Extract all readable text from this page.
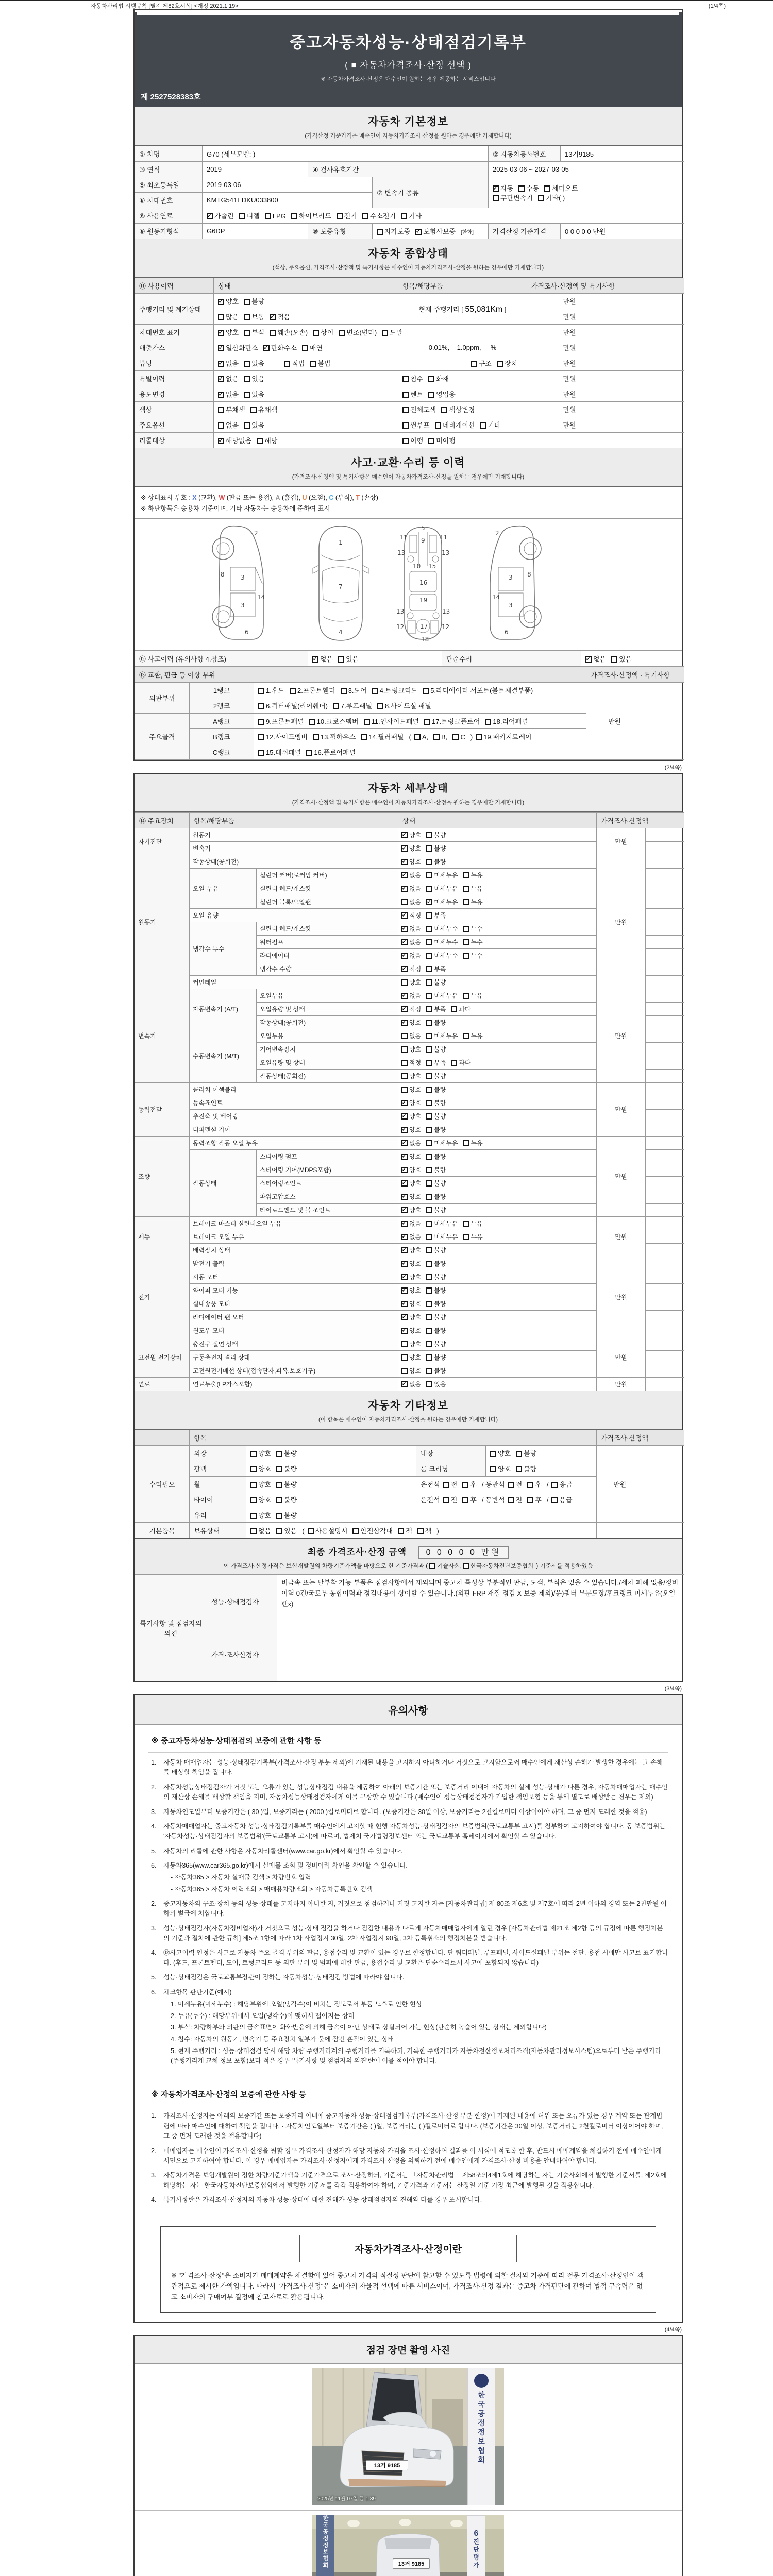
자동차관리법 시행규칙 [별지 제82호서식] <개정 2021.1.19>	(1/4쪽)
중고자동차성능·상태점검기록부
( ■ 자동차가격조사·산정 선택 )
※ 자동차가격조사·산정은 매수인이 원하는 경우 제공하는 서비스입니다
제 2527528383호
자동차 기본정보
(가격산정 기준가격은 매수인이 자동차가격조사·산정을 원하는 경우에만 기재합니다)
① 차명	G70 (세부모델: )			② 자동차등록번호	13거9185
③ 연식	2019	④ 검사유효기간		2025-03-06 ~ 2027-03-05	
⑤ 최초등록일	2019-03-06		⑦ 변속기 종류	
✓자동 수동 세미오토
무단변속기 기타( )

⑥ 차대번호	KMTG541EDKU033800				
⑧ 사용연료	✓가솔린 디젤 LPG 하이브리드 전기 수소전기 기타
⑨ 원동기형식	G6DP	⑩ 보증유형	자가보증 ✓ 보험사보증 [한화]	가격산정 기준가격	0 0 0 0 0 만원
자동차 종합상태
(색상, 주요옵션, 가격조사·산정액 및 특기사항은 매수인이 자동차가격조사·산정을 원하는 경우에만 기재합니다)
⑪ 사용이력	상태	항목/해당부품	가격조사·산정액 및 특기사항	
주행거리 및 계기상태	✓양호 불량	현재 주행거리 [ 55,081Km ]	만원	
	많음 보통 ✓ 적음		만원	
차대번호 표기	✓양호 부식 훼손(오손) 상이 변조(변타) 도말		만원	
배출가스	✓일산화탄소 ✓ 탄화수소 매연	0.01%, 1.0ppm, %	만원	
튜닝	✓없음 있음 적법 불법	구조 장치	만원	
특별이력	✓없음 있음	침수 화재	만원	
용도변경	✓없음 있음	렌트 영업용	만원	
색상	무채색 유채색	전체도색 색상변경	만원	
주요옵션	없음 있음	썬루프 네비게이션 기타	만원	
리콜대상	✓해당없음 해당	이행 미이행		
사고·교환·수리 등 이력
(가격조사·산정액 및 특기사항은 매수인이 자동차가격조사·산정을 원하는 경우에만 기재합니다)
※ 상태표시 부호 : X (교환), W (판금 또는 용접), A (흠집), U (요철), C (부식), T (손상)
※ 하단항목은 승용차 기준이며, 기타 자동차는 승용차에 준하여 표시
2
8	3
3
14
6
1
7
4
5
9
11	11
13	13
10 15
16
13	13
19
12	12
17
18
2
8
3
3
14
6
⑫ 사고이력 (유의사항 4.참조)	✓없음 있음	단순수리	✓없음 있음
⑬ 교환, 판금 등 이상 부위			가격조사·산정액 · 특기사항	
외판부위	1랭크	1.후드 2.프론트휀더 3.도어 4.트렁크리드 5.라디에이터 서포트(볼트체결부품)	만원	
	2랭크	6.쿼터패널(리어휀더) 7.루프패널 8.사이드실 패널		
주요골격	A랭크	9.프론트패널 10.크로스멤버 11.인사이드패널 17.트렁크플로어 18.리어패널		
	B랭크	12.사이드멤버 13.휠하우스 14.필러패널 ( A, B, C ) 19.패키지트레이		
	C랭크	15.대쉬패널 16.플로어패널		
(2/4쪽)
자동차 세부상태
(가격조사·산정액 및 특기사항은 매수인이 자동차가격조사·산정을 원하는 경우에만 기재합니다)
⑭ 주요장치	항목/해당부품		상태	가격조사·산정액	
자기진단	원동기	✓양호 불량	만원	
	변속기	✓양호 불량	
원동기	작동상태(공회전)	✓양호 불량	만원	
	오일 누유	실린더 커버(로커암 커버)	✓없음 미세누유 누유	
		실린더 헤드/개스킷	✓없음 미세누유 누유	
		실린더 블록/오일팬	없음 ✓ 미세누유 누유	
	오일 유량	✓적정 부족	
	냉각수 누수	실린더 헤드/개스킷	✓없음 미세누수 누수	
		워터펌프	✓없음 미세누수 누수	
		라디에이터	✓없음 미세누수 누수	
		냉각수 수량	✓적정 부족	
	커먼레일		양호 불량		
변속기	자동변속기 (A/T)	오일누유	✓없음 미세누유 누유	만원	
		오일유량 및 상태	✓적정 부족 과다	
		작동상태(공회전)	✓양호 불량	
	수동변속기 (M/T)	오일누유	없음 미세누유 누유		
		기어변속장치	양호 불량		
		오일유량 및 상태	적정 부족 과다		
		작동상태(공회전)	양호 불량		
동력전달	클러치 어셈블리		양호 불량	만원	
	등속죠인트	✓양호 불량	
	추진축 및 베어링	✓양호 불량	
	디퍼렌셜 기어	✓양호 불량	
조향	동력조향 작동 오일 누유	✓없음 미세누유 누유	만원	
	작동상태	스티어링 펌프	✓양호 불량	
		스티어링 기어(MDPS포함)	✓양호 불량	
		스티어링조인트	✓양호 불량	
		파워고압호스	✓양호 불량	
		타이로드엔드 및 볼 조인트	✓양호 불량	
제동	브레이크 마스터 실린더오일 누유	✓없음 미세누유 누유	만원	
	브레이크 오일 누유	✓없음 미세누유 누유	
	배력장치 상태	✓양호 불량	
전기	발전기 출력	✓양호 불량	만원	
	시동 모터	✓양호 불량	
	와이퍼 모터 기능	✓양호 불량	
	실내송풍 모터	✓양호 불량	
	라디에이터 팬 모터	✓양호 불량	
	윈도우 모터	✓양호 불량	
고전원 전기장치	충전구 절연 상태		양호 불량	만원	
	구동축전지 격리 상태		양호 불량		
	고전원전기배선 상태(접속단자,피복,보호기구)		양호 불량		
연료	연료누출(LP가스포함)	✓없음 있음	만원	
자동차 기타정보
(이 항목은 매수인이 자동차가격조사·산정을 원하는 경우에만 기재합니다)
	항목				가격조사·산정액	
수리필요	외장	양호 불량	내장	양호 불량	만원	
	광택	양호 불량	룸 크리닝	양호 불량		
	휠	양호 불량	운전석 전 후 / 동반석 전 후 / 응급			
	타이어	양호 불량	운전석 전 후 / 동반석 전 후 / 응급			
	유리	양호 불량				
기본품목	보유상태	없음 있음 ( 사용설명서 안전삼각대 잭 잭 )				
최종 가격조사·산정 금액 0 0 0 0 0 만원
이 가격조사·산정가격은 보험개발원의 차량기준가액을 바탕으로 한 기준가격과 ( 기술사회, 한국자동차진단보증협회 ) 기준서를 적용하였음
특기사항 및 점검자의 의견	성능·상태점검자	비금속 또는 탈부착 가능 부품은 점검사항에서 제외되며 중고차 특성상 부분적인 판금, 도색, 부식은 있을 수 있습니다./세차 피해 없음/정비이력 0건/국토부 통합이력과 점검내용이 상이할 수 있습니다.(외판 FRP 재질 점검 X 보증 제외)/운)쿼터 부분도장/후크랭크 미세누유(오일팬x)
	가격·조사산정자	
(3/4쪽)
유의사항
※ 중고자동차성능·상태점검의 보증에 관한 사항 등
1. 자동차 매매업자는 성능·상태점검기록부(가격조사·산정 부분 제외)에 기재된 내용을 고지하지 아니하거나 거짓으로 고지함으로써 매수인에게 재산상 손해가 발생한 경우에는 그 손해를 배상할 책임을 집니다.
2. 자동차성능상태점검자가 거짓 또는 오류가 있는 성능상태점검 내용을 제공하여 아래의 보증기간 또는 보증거리 이내에 자동차의 실제 성능·상태가 다른 경우, 자동차매매업자는 매수인의 재산상 손해를 배상할 책임을 지며, 자동차성능상태점검자에게 이를 구상할 수 있습니다.(매수인이 성능상태점검자가 가입한 책임보험 등을 통해 별도로 배상받는 경우는 제외)
3. 자동차인도일부터 보증기간은 ( 30 )일, 보증거리는 ( 2000 )킬로미터로 합니다. (보증기간은 30일 이상, 보증거리는 2천킬로미터 이상이어야 하며, 그 중 먼저 도래한 것을 적용)
4. 자동차매매업자는 중고자동차 성능·상태점검기록부를 매수인에게 고지할 때 현행 자동차성능·상태점검자의 보증범위(국토교통부 고시)를 첨부하여 고지하여야 합니다. 동 보증범위는 '자동차성능·상태점검자의 보증범위'(국토교통부 고시)에 따르며, 법제처 국가법령정보센터 또는 국토교통부 홈페이지에서 확인할 수 있습니다.
5. 자동차의 리콜에 관한 사항은 자동차리콜센터(www.car.go.kr)에서 확인할 수 있습니다.
6. 자동차365(www.car365.go.kr)에서 실매물 조회 및 정비이력 확인을 확인할 수 있습니다.
- 자동차365 > 자동차 실매물 검색 > 차량번호 입력
- 자동차365 > 자동차 이력조회 > 매매용차량조회 > 자동차등록번호 검색
2. 중고자동차의 구조·장치 등의 성능·상태를 고지하지 아니한 자, 거짓으로 점검하거나 거짓 고지한 자는 [자동차관리법] 제 80조 제6호 및 제7호에 따라 2년 이하의 징역 또는 2천만원 이하의 벌금에 처합니다.
3. 성능·상태점검자(자동차정비업자)가 거짓으로 성능·상태 점검을 하거나 점검한 내용과 다르게 자동차매매업자에게 알린 경우 [자동차관리법 제21조 제2항 등의 규정에 따른 행정처분의 기준과 절차에 관한 규칙] 제5조 1항에 따라 1차 사업정지 30일, 2차 사업정지 90일, 3차 등록취소의 행정처분을 받습니다.
4. ⑫사고이력 인정은 사고로 자동차 주요 골격 부위의 판금, 용접수리 및 교환이 있는 경우로 한정합니다. 단 쿼터패널, 루프패널, 사이드실패널 부위는 절단, 용접 시에만 사고로 표기합니다. (후드, 프론트펜더, 도어, 트렁크리드 등 외판 부위 및 범퍼에 대한 판금, 용접수리 및 교환은 단순수리로서 사고에 포함되지 않습니다)
5. 성능·상태점검은 국토교통부장관이 정하는 자동차성능·상태점검 방법에 따라야 합니다.
6. 체크항목 판단기준(예시)
1. 미세누유(미세누수) : 해당부위에 오일(냉각수)이 비치는 정도로서 부품 노후로 인한 현상
2. 누유(누수) : 해당부위에서 오일(냉각수)이 맺혀서 떨어지는 상태
3. 부식: 차량하부와 외판의 금속표면이 화학반응에 의해 금속이 아닌 상태로 상실되어 가는 현상(단순히 녹슬어 있는 상태는 제외합니다)
4. 침수: 자동차의 원동기, 변속기 등 주요장치 일부가 물에 잠긴 흔적이 있는 상태
5. 현재 주행거리 : 성능·상태점검 당시 해당 차량 주행거리계의 주행거리를 기록하되, 기록한 주행거리가 자동차전산정보처리조직(자동차관리정보시스템)으로부터 받은 주행거리(주행거리계 교체 정보 포함)보다 적은 경우 '특기사항 및 점검자의 의견'란에 이를 적어야 합니다.
※ 자동차가격조사·산정의 보증에 관한 사항 등
1. 가격조사·산정자는 아래의 보증기간 또는 보증거리 이내에 중고자동차 성능·상태점검기록부(가격조사·산정 부분 한정)에 기재된 내용에 허위 또는 오류가 있는 경우 계약 또는 관계법령에 따라 매수인에 대하여 책임을 집니다. · 자동차인도일부터 보증기간은 ( )일, 보증거리는 ( )킬로미터로 합니다. (보증기간은 30일 이상, 보증거리는 2천킬로미터 이상이어야 하며, 그 중 먼저 도래한 것을 적용합니다)
2. 매매업자는 매수인이 가격조사·산정을 원할 경우 가격조사·산정자가 해당 자동차 가격을 조사·산정하여 결과를 이 서식에 적도록 한 후, 반드시 매매계약을 체결하기 전에 매수인에게 서면으로 고지하여야 합니다. 이 경우 매매업자는 가격조사·산정자에게 가격조사·산정을 의뢰하기 전에 매수인에게 가격조사·산정 비용을 안내하여야 합니다.
3. 자동차가격은 보험개발원이 정한 차량기준가액을 기준가격으로 조사·산정하되, 기준서는 「자동차관리법」 제58조의4제1호에 해당하는 자는 기술사회에서 발행한 기준서를, 제2호에 해당하는 자는 한국자동차진단보증협회에서 발행한 기준서를 각각 적용하여야 하며, 기준가격과 기준서는 산정일 기준 가장 최근에 발행된 것을 적용합니다.
4. 특기사항란은 가격조사·산정자의 자동차 성능·상태에 대한 견해가 성능·상태점검자의 견해와 다를 경우 표시합니다.
자동차가격조사·산정이란
※ "가격조사·산정"은 소비자가 매매계약을 체결함에 있어 중고차 가격의 적절성 판단에 참고할 수 있도록 법령에 의한 절차와 기준에 따라 전문 가격조사·산정인이 객관적으로 제시한 가액입니다. 따라서 "가격조사·산정"은 소비자의 자율적 선택에 따른 서비스이며, 가격조사·산정 결과는 중고차 가격판단에 관하여 법적 구속력은 없고 소비자의 구매여부 결정에 참고자료로 활용됩니다.
(4/4쪽)
점검 장면 촬영 사진
13거 9185
한국공정정보협회
2025년 11월 07일 금 1:39
13거 9185
한국공정정보협회	6
진단평가
